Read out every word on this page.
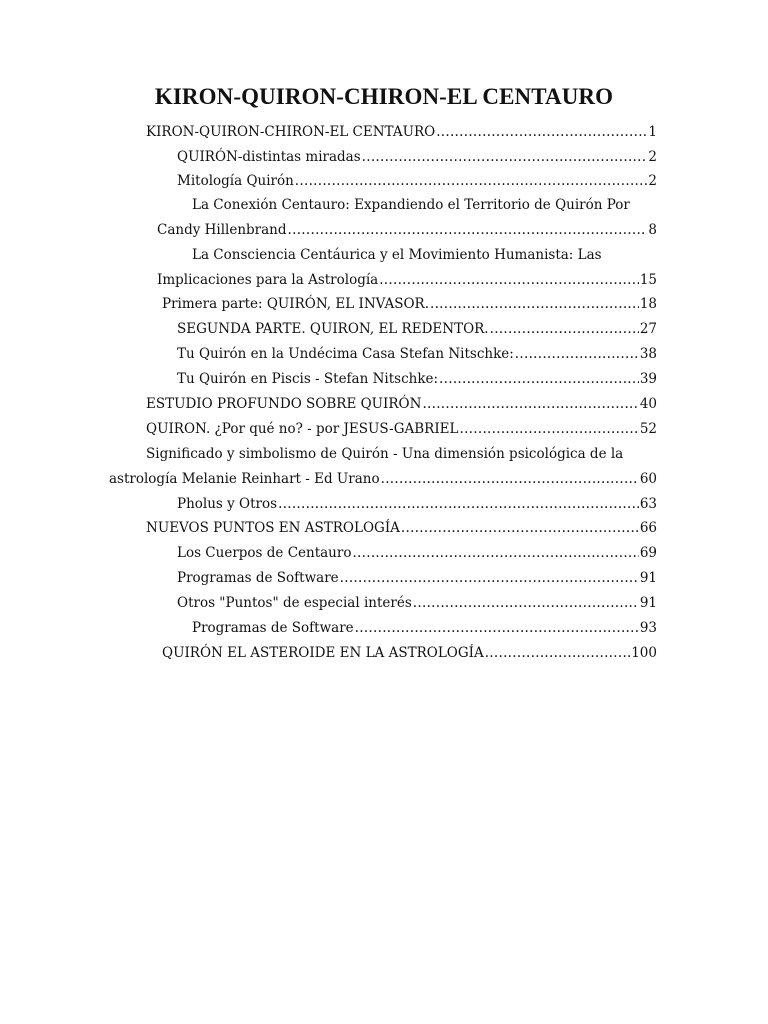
KIRON-QUIRON-CHIRON-EL CENTAURO
KIRON-QUIRON-CHIRON-EL CENTAURO .....	1
QUIRÓN-distintas miradas .....	2
Mitología Quirón .....	2
La Conexión Centauro: Expandiendo el Territorio de Quirón Por
Candy Hillenbrand .....	8
La Consciencia Centáurica y el Movimiento Humanista: Las
Implicaciones para la Astrología .....	15
Primera parte: QUIRÓN, EL INVASOR. .....	18
SEGUNDA PARTE. QUIRON, EL REDENTOR. .....	27
Tu Quirón en la Undécima Casa Stefan Nitschke: .....	38
Tu Quirón en Piscis - Stefan Nitschke: .....	39
ESTUDIO PROFUNDO SOBRE QUIRÓN .....	40
QUIRON. ¿Por qué no? - por JESUS-GABRIEL .....	52
Significado y simbolismo de Quirón - Una dimensión psicológica de la
astrología Melanie Reinhart - Ed Urano .....	60
Pholus y Otros .....	63
NUEVOS PUNTOS EN ASTROLOGÍA .....	66
Los Cuerpos de Centauro .....	69
Programas de Software .....	91
Otros "Puntos" de especial interés .....	91
Programas de Software .....	93
QUIRÓN EL ASTEROIDE EN LA ASTROLOGÍA .....	100
